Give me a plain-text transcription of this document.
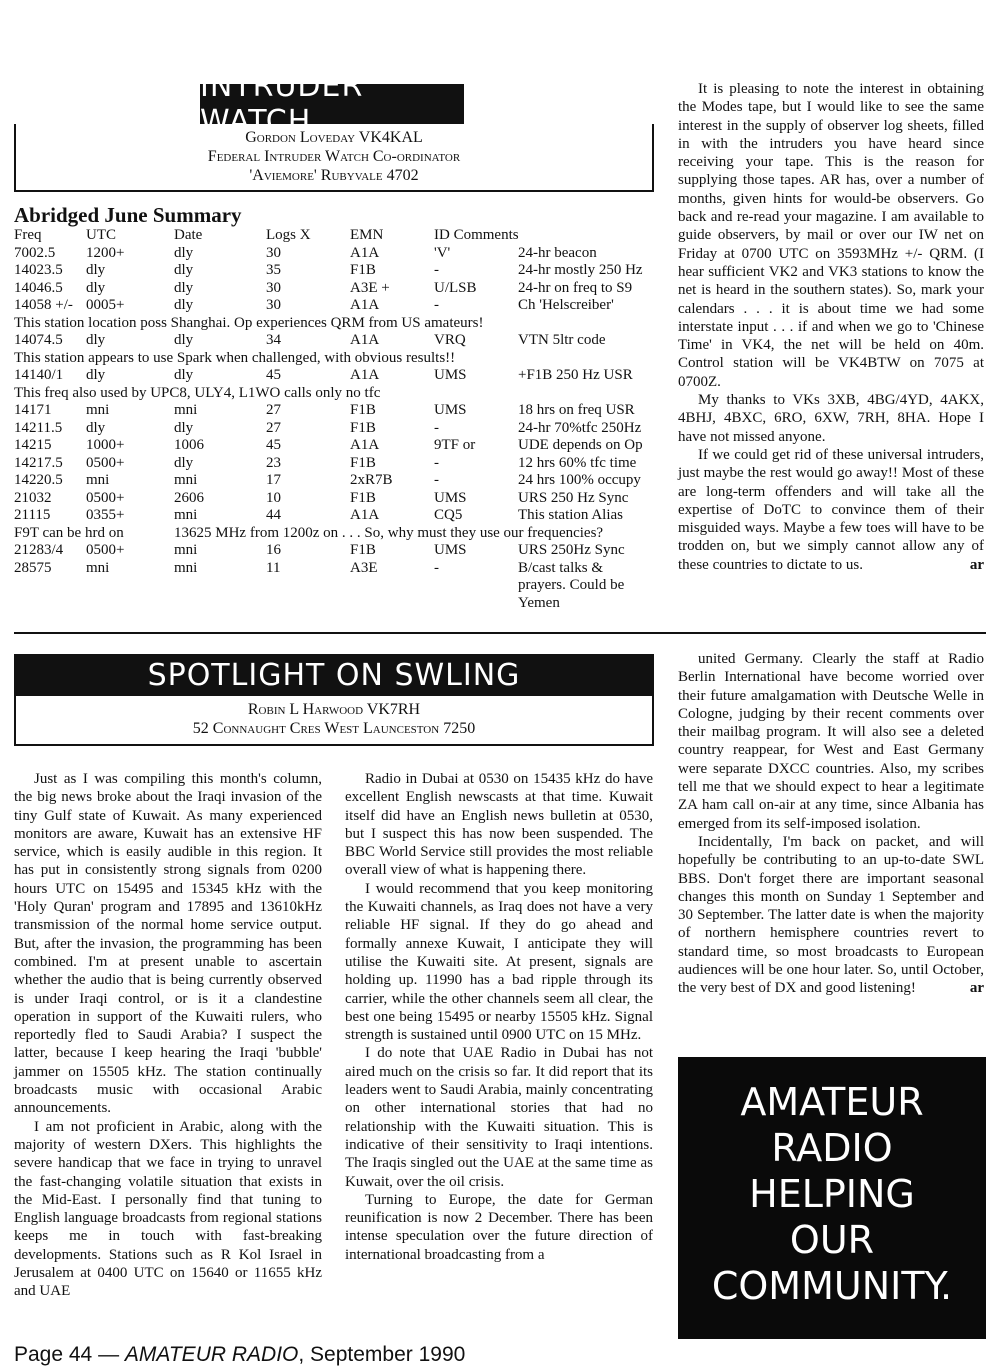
INTRUDER WATCH
Gordon Loveday VK4KAL
Federal Intruder Watch Co-ordinator
'Aviemore' Rubyvale 4702
Abridged June Summary
Freq	UTC	Date	Logs X	EMN	ID Comments
7002.5 1200+	dly	30	A1A	'V'	24-hr beacon
14023.5 dly	dly	35	F1B	-	24-hr mostly 250 Hz
14046.5 dly	dly	30	A3E +	U/LSB	24-hr on freq to S9
14058 +/- 0005+	dly	30	A1A	-	Ch 'Helscreiber'
This station location poss Shanghai. Op experiences QRM from US amateurs!
14074.5 dly	dly	34	A1A	VRQ	VTN 5ltr code
This station appears to use Spark when challenged, with obvious results!!
14140/1 dly	dly	45	A1A	UMS	+F1B 250 Hz USR
This freq also used by UPC8, ULY4, L1WO calls only no tfc
14171 mni	mni	27	F1B	UMS	18 hrs on freq USR
14211.5 dly	dly	27	F1B	-	24-hr 70%tfc 250Hz
14215 1000+	1006	45	A1A	9TF or	UDE depends on Op
14217.5 0500+	dly	23	F1B	-	12 hrs 60% tfc time
14220.5 mni	mni	17	2xR7B	-	24 hrs 100% occupy
21032 0500+	2606	10	F1B	UMS	URS 250 Hz Sync
21115 0355+	mni	44	A1A	CQ5	This station Alias
F9T can be hrd on	13625 MHz from 1200z on . . . So, why must they use our frequencies?
21283/4 0500+	mni	16	F1B	UMS	URS 250Hz Sync
28575 mni	mni	11	A3E	-	B/cast talks &
prayers. Could be
Yemen

It is pleasing to note the interest in obtaining the Modes tape, but I would like to see the same interest in the supply of observer log sheets, filled in with the intruders you have heard since receiving your tape. This is the reason for supplying those tapes. AR has, over a number of months, given hints for would-be observers. Go back and re-read your magazine. I am available to guide observers, by mail or over our IW net on Friday at 0700 UTC on 3593MHz +/- QRM. (I hear sufficient VK2 and VK3 stations to know the net is heard in the southern states). So, mark your calendars . . . it is about time we had some interstate input . . . if and when we go to 'Chinese Time' in VK4, the net will be held on 40m. Control station will be VK4BTW on 7075 at 0700Z.

My thanks to VKs 3XB, 4BG/4YD, 4AKX, 4BHJ, 4BXC, 6RO, 6XW, 7RH, 8HA. Hope I have not missed anyone.

If we could get rid of these universal intruders, just maybe the rest would go away!! Most of these are long-term offenders and will take all the expertise of DoTC to convince them of their misguided ways. Maybe a few toes will have to be trodden on, but we simply cannot allow any of these countries to dictate to us.	ar

SPOTLIGHT ON SWLING
Robin L Harwood VK7RH
52 Connaught Cres West Launceston 7250

Just as I was compiling this month's column, the big news broke about the Iraqi invasion of the tiny Gulf state of Kuwait. As many experienced monitors are aware, Kuwait has an extensive HF service, which is easily audible in this region. It has put in consistently strong signals from 0200 hours UTC on 15495 and 15345 kHz with the 'Holy Quran' program and 17895 and 13610kHz transmission of the normal home service output. But, after the invasion, the programming has been combined. I'm at present unable to ascertain whether the audio that is being currently observed is under Iraqi control, or is it a clandestine operation in support of the Kuwaiti rulers, who reportedly fled to Saudi Arabia? I suspect the latter, because I keep hearing the Iraqi 'bubble' jammer on 15505 kHz. The station continually broadcasts music with occasional Arabic announcements.

I am not proficient in Arabic, along with the majority of western DXers. This highlights the severe handicap that we face in trying to unravel the fast-changing volatile situation that exists in the Mid-East. I personally find that tuning to English language broadcasts from regional stations keeps me in touch with fast-breaking developments. Stations such as R Kol Israel in Jerusalem at 0400 UTC on 15640 or 11655 kHz and UAE

Radio in Dubai at 0530 on 15435 kHz do have excellent English newscasts at that time. Kuwait itself did have an English news bulletin at 0530, but I suspect this has now been suspended. The BBC World Service still provides the most reliable overall view of what is happening there.

I would recommend that you keep monitoring the Kuwaiti channels, as Iraq does not have a very reliable HF signal. If they do go ahead and formally annexe Kuwait, I anticipate they will utilise the Kuwaiti site. At present, signals are holding up. 11990 has a bad ripple through its carrier, while the other channels seem all clear, the best one being 15495 or nearby 15505 kHz. Signal strength is sustained until 0900 UTC on 15 MHz.

I do note that UAE Radio in Dubai has not aired much on the crisis so far. It did report that its leaders went to Saudi Arabia, mainly concentrating on other international stories that had no relationship with the Kuwaiti situation. This is indicative of their sensitivity to Iraqi intentions. The Iraqis singled out the UAE at the same time as Kuwait, over the oil crisis.

Turning to Europe, the date for German reunification is now 2 December. There has been intense speculation over the future direction of international broadcasting from a

united Germany. Clearly the staff at Radio Berlin International have become worried over their future amalgamation with Deutsche Welle in Cologne, judging by their recent comments over their mailbag program. It will also see a deleted country reappear, for West and East Germany were separate DXCC countries. Also, my scribes tell me that we should expect to hear a legitimate ZA ham call on-air at any time, since Albania has emerged from its self-imposed isolation.

Incidentally, I'm back on packet, and will hopefully be contributing to an up-to-date SWL BBS. Don't forget there are important seasonal changes this month on Sunday 1 September and 30 September. The latter date is when the majority of northern hemisphere countries revert to standard time, so most broadcasts to European audiences will be one hour later. So, until October, the very best of DX and good listening!	ar

AMATEUR
RADIO
HELPING
OUR
COMMUNITY.
Page 44 — AMATEUR RADIO, September 1990
